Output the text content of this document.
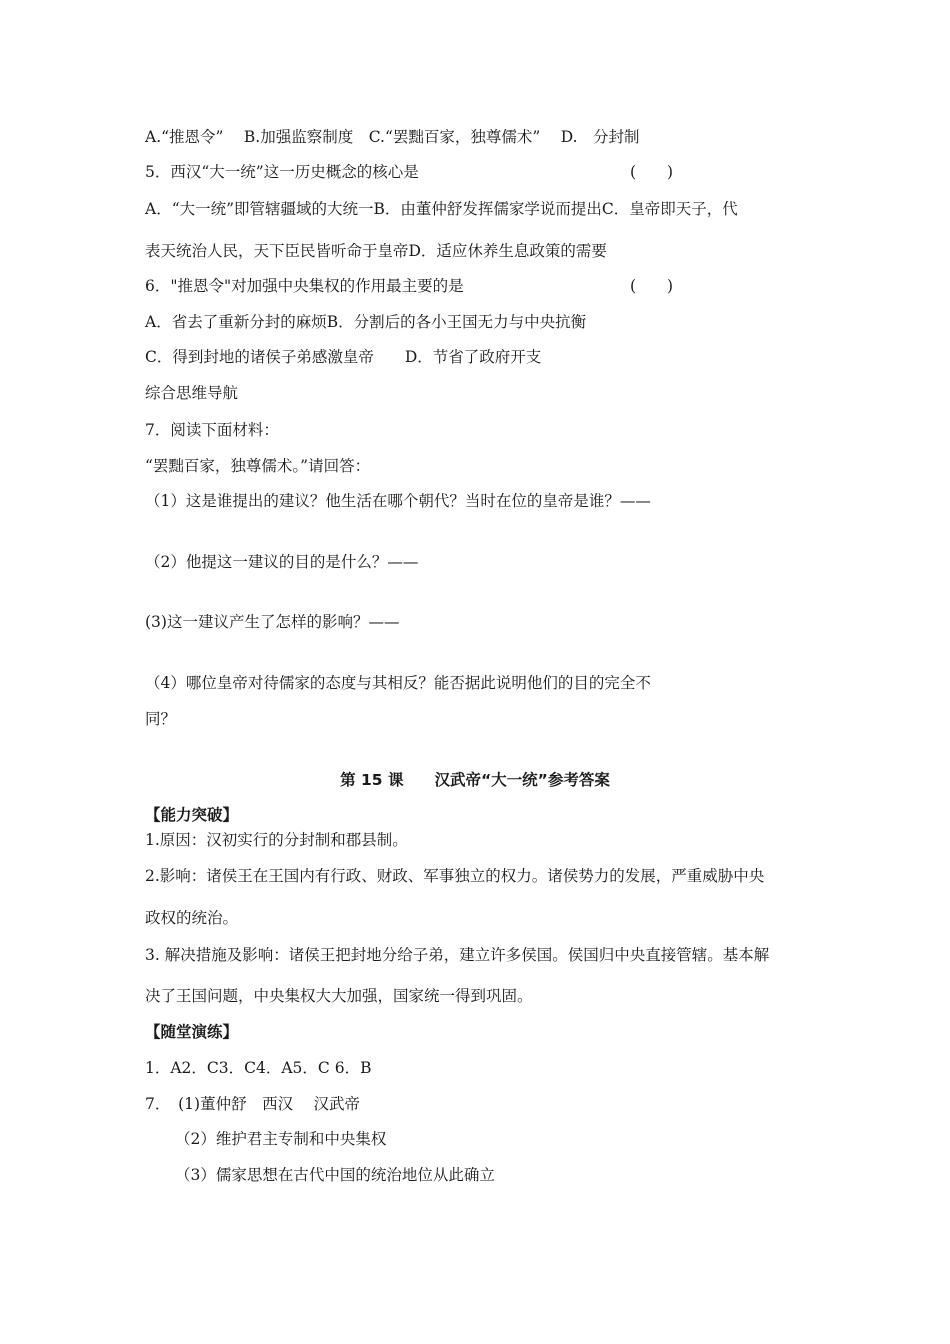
A.“推恩令”　 B.加强监察制度　C.“罢黜百家，独尊儒术”　 D.　分封制
5．西汉“大一统”这一历史概念的核心是	(　　)
A．“大一统”即管辖疆域的大统一B．由董仲舒发挥儒家学说而提出C．皇帝即天子，代
表天统治人民，天下臣民皆听命于皇帝D．适应休养生息政策的需要
6．"推恩令"对加强中央集权的作用最主要的是	(　　)
A．省去了重新分封的麻烦B．分割后的各小王国无力与中央抗衡
C．得到封地的诸侯子弟感激皇帝　　D．节省了政府开支
综合思维导航
7．阅读下面材料：
“罢黜百家，独尊儒术。”请回答：
（1）这是谁提出的建议？他生活在哪个朝代？当时在位的皇帝是谁？——
（2）他提这一建议的目的是什么？——
(3)这一建议产生了怎样的影响？——
（4）哪位皇帝对待儒家的态度与其相反？能否据此说明他们的目的完全不
同？
第 15 课　　汉武帝“大一统”参考答案
【能力突破】
1.原因：汉初实行的分封制和郡县制。
2.影响：诸侯王在王国内有行政、财政、军事独立的权力。诸侯势力的发展，严重威胁中央
政权的统治。
3. 解决措施及影响：诸侯王把封地分给子弟，建立许多侯国。侯国归中央直接管辖。基本解
决了王国问题，中央集权大大加强，国家统一得到巩固。
【随堂演练】
1．A2．C3．C4．A5．C 6．B
7．　(1)董仲舒　西汉　 汉武帝
（2）维护君主专制和中央集权
（3）儒家思想在古代中国的统治地位从此确立
